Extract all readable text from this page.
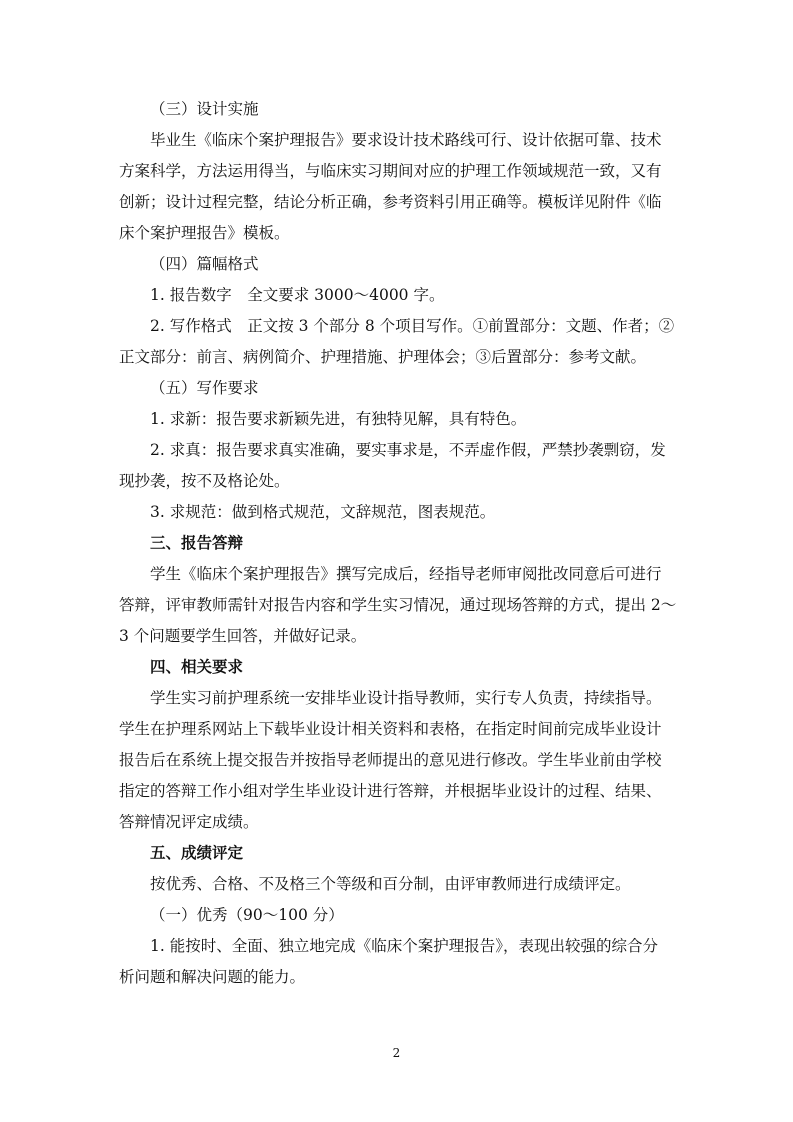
（三）设计实施
毕业生《临床个案护理报告》要求设计技术路线可行、设计依据可靠、技术
方案科学，方法运用得当，与临床实习期间对应的护理工作领域规范一致，又有
创新；设计过程完整，结论分析正确，参考资料引用正确等。模板详见附件《临
床个案护理报告》模板。
（四）篇幅格式
1. 报告数字　全文要求 3000～4000 字。
2. 写作格式　正文按 3 个部分 8 个项目写作。①前置部分：文题、作者；②
正文部分：前言、病例简介、护理措施、护理体会；③后置部分：参考文献。
（五）写作要求
1. 求新：报告要求新颖先进，有独特见解，具有特色。
2. 求真：报告要求真实准确，要实事求是，不弄虚作假，严禁抄袭剽窃，发
现抄袭，按不及格论处。
3. 求规范：做到格式规范，文辞规范，图表规范。
三、报告答辩
学生《临床个案护理报告》撰写完成后，经指导老师审阅批改同意后可进行
答辩，评审教师需针对报告内容和学生实习情况，通过现场答辩的方式，提出 2～
3 个问题要学生回答，并做好记录。
四、相关要求
学生实习前护理系统一安排毕业设计指导教师，实行专人负责，持续指导。
学生在护理系网站上下载毕业设计相关资料和表格，在指定时间前完成毕业设计
报告后在系统上提交报告并按指导老师提出的意见进行修改。学生毕业前由学校
指定的答辩工作小组对学生毕业设计进行答辩，并根据毕业设计的过程、结果、
答辩情况评定成绩。
五、成绩评定
按优秀、合格、不及格三个等级和百分制，由评审教师进行成绩评定。
（一）优秀（90～100 分）
1. 能按时、全面、独立地完成《临床个案护理报告》，表现出较强的综合分
析问题和解决问题的能力。
2
